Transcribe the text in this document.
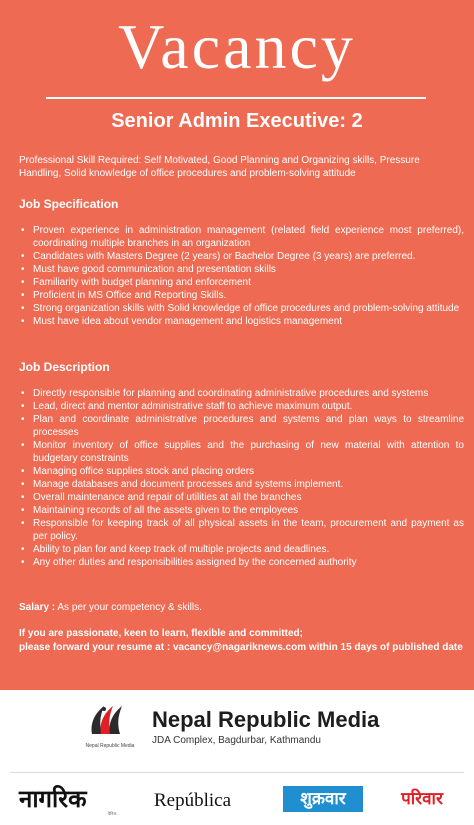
Vacancy
Senior Admin Executive: 2

Professional Skill Required: Self Motivated, Good Planning and Organizing skills, Pressure Handling, Solid knowledge of office procedures and problem-solving attitude

Job Specification
• Proven experience in administration management (related field experience most preferred), coordinating multiple branches in an organization
• Candidates with Masters Degree (2 years) or Bachelor Degree (3 years) are preferred.
• Must have good communication and presentation skills
• Familiarity with budget planning and enforcement
• Proficient in MS Office and Reporting Skills.
• Strong organization skills with Solid knowledge of office procedures and problem-solving attitude
• Must have idea about vendor management and logistics management
Job Description
• Directly responsible for planning and coordinating administrative procedures and systems
• Lead, direct and mentor administrative staff to achieve maximum output.
• Plan and coordinate administrative procedures and systems and plan ways to streamline processes
• Monitor inventory of office supplies and the purchasing of new material with attention to budgetary constraints
• Managing office supplies stock and placing orders
• Manage databases and document processes and systems implement.
• Overall maintenance and repair of utilities at all the branches
• Maintaining records of all the assets given to the employees
• Responsible for keeping track of all physical assets in the team, procurement and payment as per policy.
• Ability to plan for and keep track of multiple projects and deadlines.
• Any other duties and responsibilities assigned by the concerned authority
Salary : As per your competency & skills.
If you are passionate, keen to learn, flexible and committed;
please forward your resume at : vacancy@nagariknews.com within 15 days of published date
Nepal Republic Media
Nepal Republic Media
JDA Complex, Bagdurbar, Kathmandu
नागरिक
दैनिक
República	शुक्रवार	परिवार
